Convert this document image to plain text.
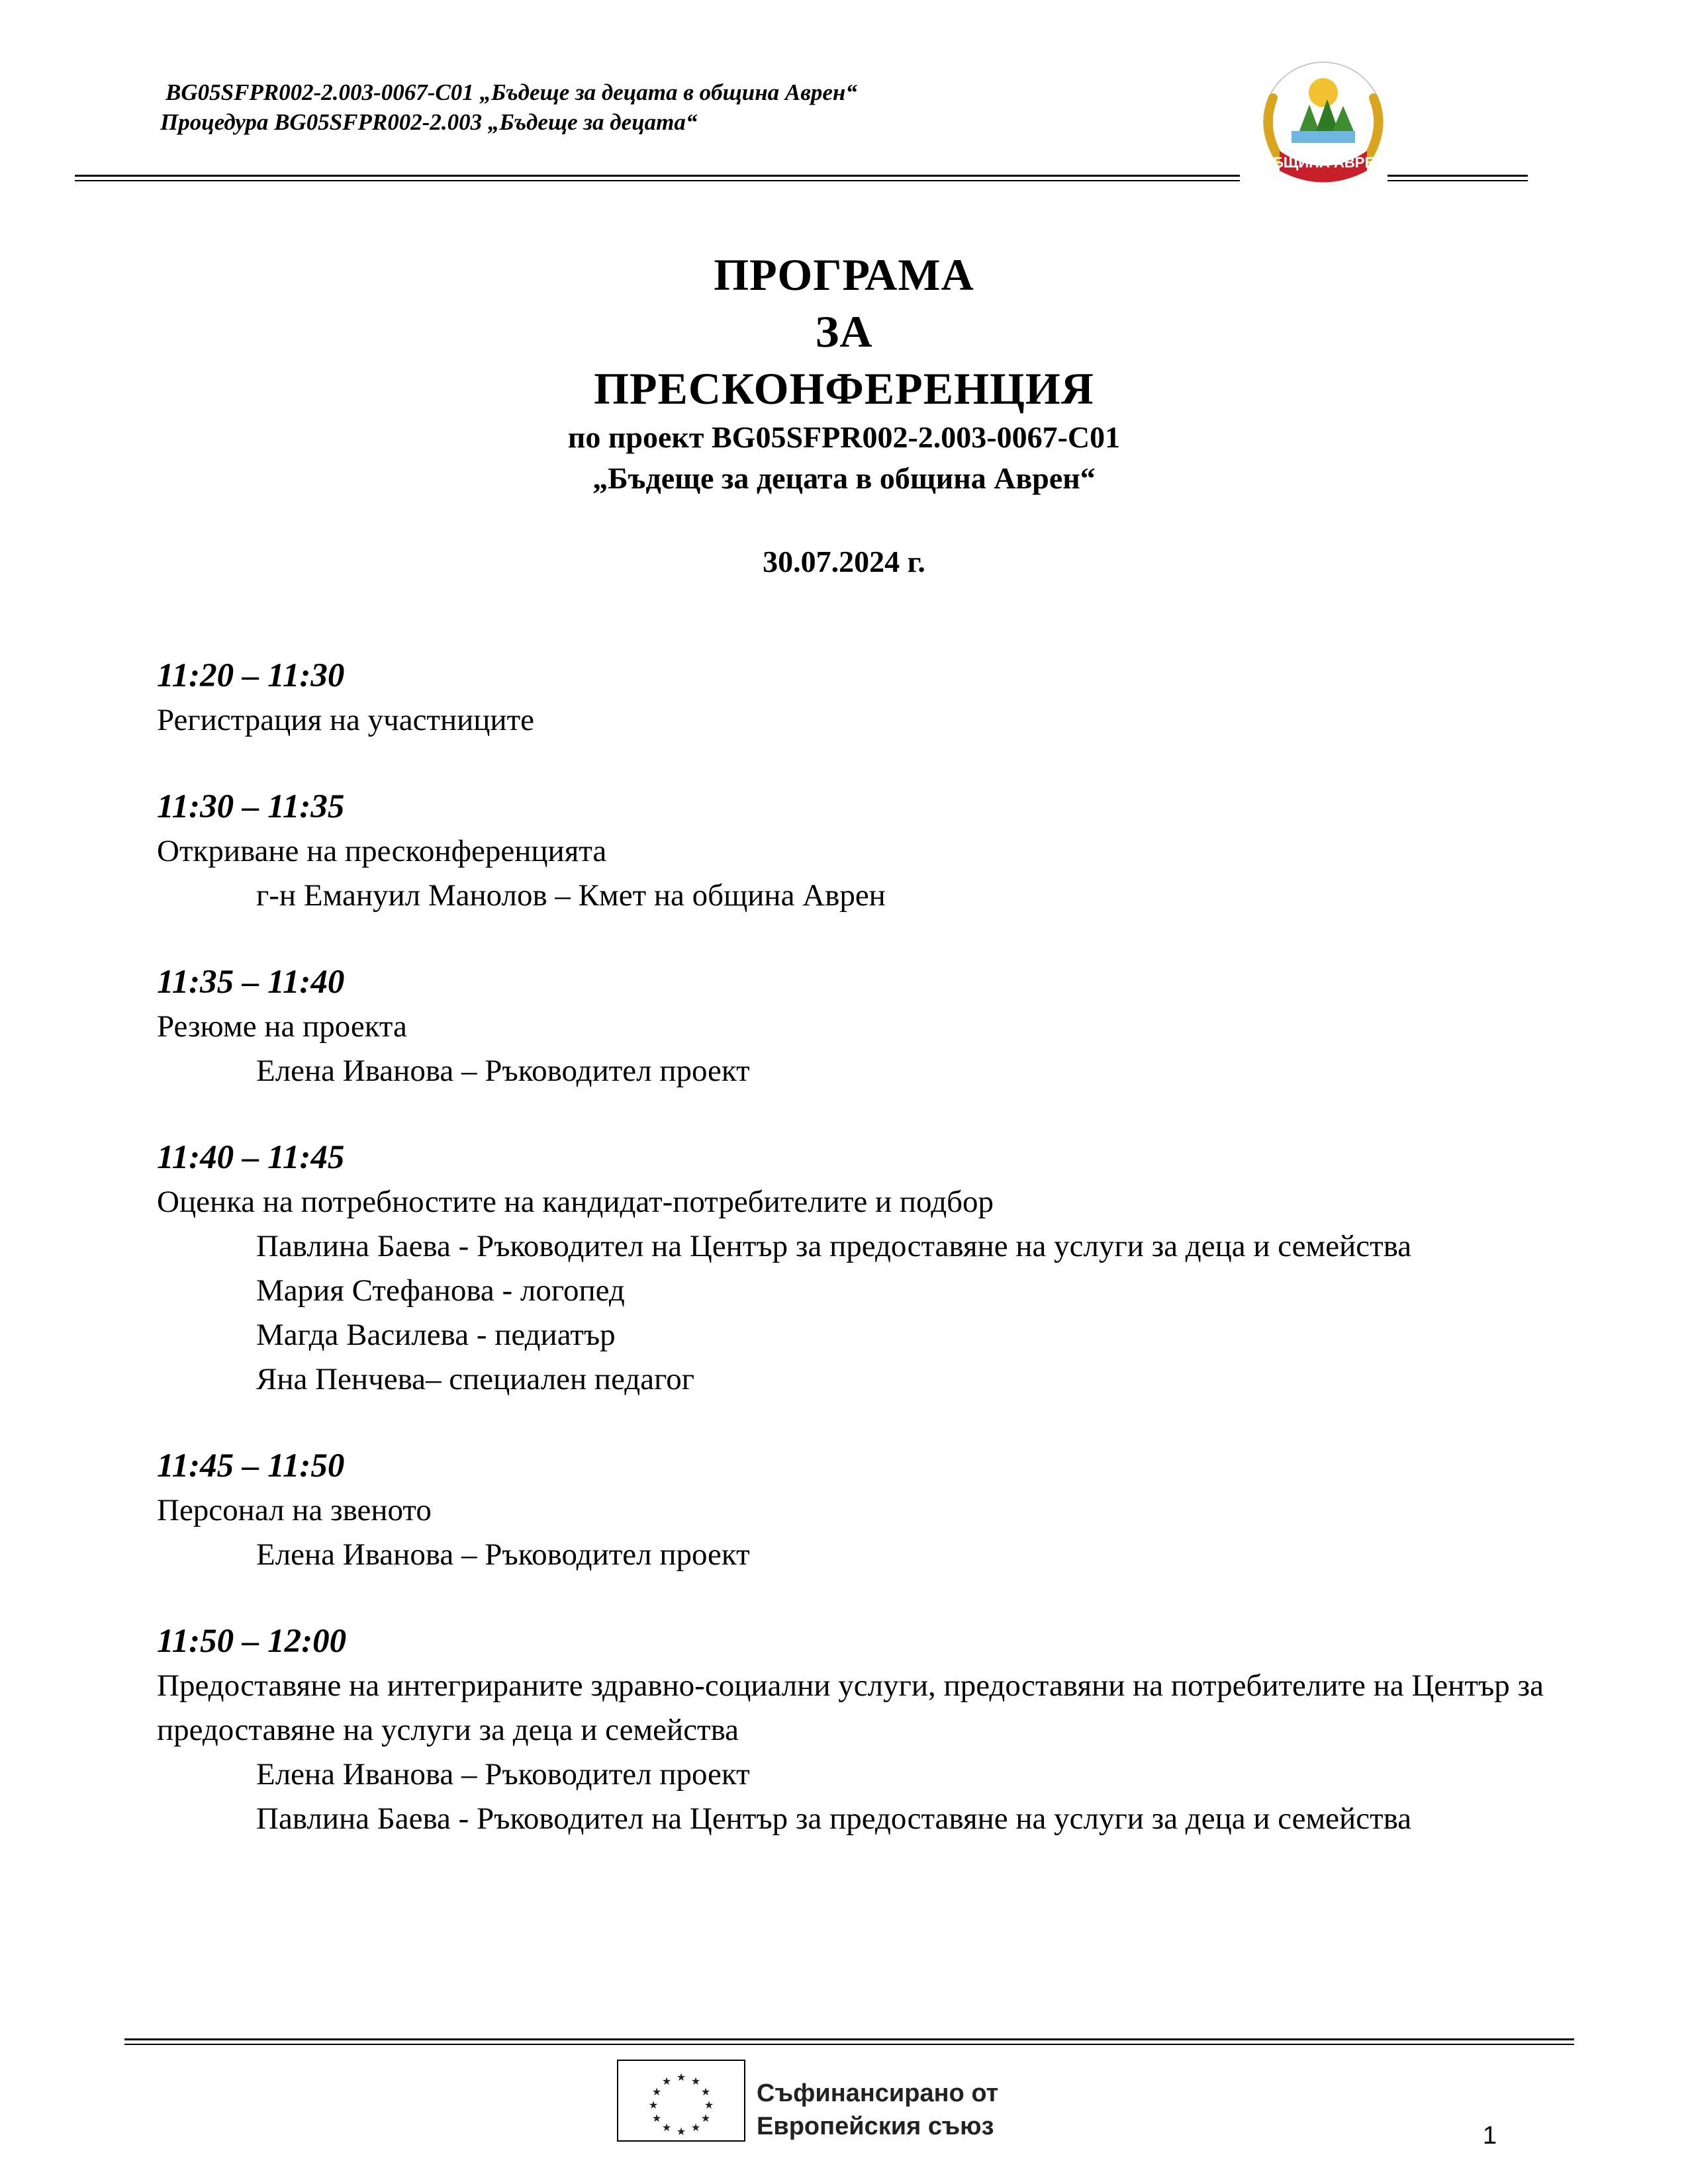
BG05SFPR002-2.003-0067-C01 „Бъдеще за децата в община Аврен“
Процедура BG05SFPR002-2.003 „Бъдеще за децата“
ОБЩИНА АВРЕН
ПРОГРАМА
ЗА
ПРЕСКОНФЕРЕНЦИЯ
по проект BG05SFPR002-2.003-0067-C01
„Бъдеще за децата в община Аврен“
30.07.2024 г.
11:20 – 11:30
Регистрация на участниците
11:30 – 11:35
Откриване на пресконференцията
г-н Емануил Манолов – Кмет на община Аврен
11:35 – 11:40
Резюме на проекта
Елена Иванова – Ръководител проект
11:40 – 11:45
Оценка на потребностите на кандидат-потребителите и подбор
Павлина Баева - Ръководител на Център за предоставяне на услуги за деца и семейства
Мария Стефанова - логопед
Магда Василева - педиатър
Яна Пенчева– специален педагог
11:45 – 11:50
Персонал на звеното
Елена Иванова – Ръководител проект
11:50 – 12:00
Предоставяне на интегрираните здравно-социални услуги, предоставяни на потребителите на Център за предоставяне на услуги за деца и семейства
Елена Иванова – Ръководител проект
Павлина Баева - Ръководител на Център за предоставяне на услуги за деца и семейства
★ ★
★
★
★
★
★
★
★
★
★
★	Съфинансирано от
Европейския съюз	1
